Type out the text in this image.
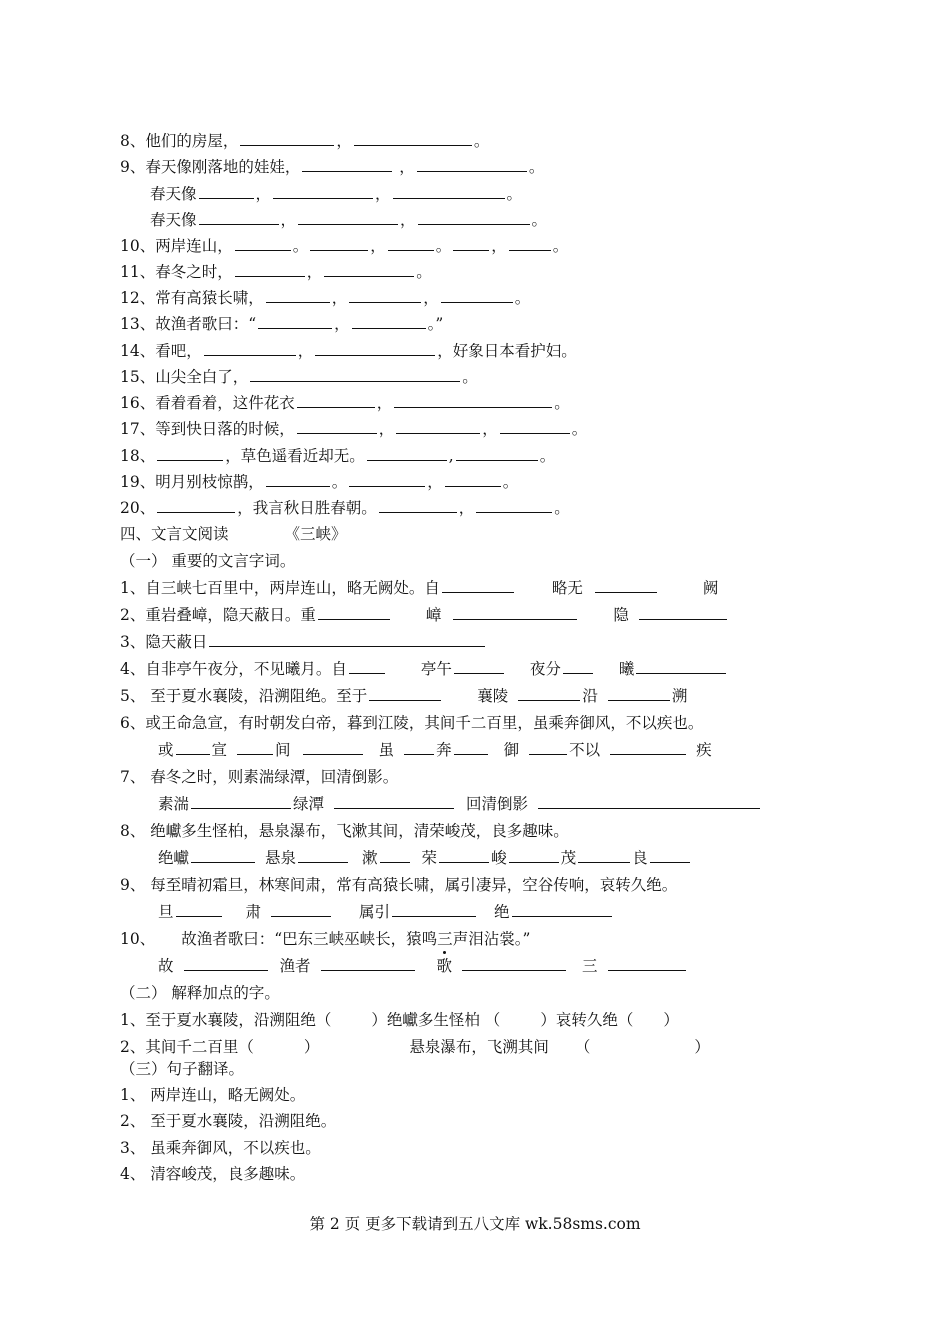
8、他们的房屋，	，	。
9、春天像刚落地的娃娃，	，	。
春天像	，	，	。
春天像	，	，	。
10、两岸连山，	。	，	。	，	。
11、春冬之时，	，	。
12、常有高猿长啸，	，	，	。
13、故渔者歌曰：“	，	。”
14、看吧，	，	，好象日本看护妇。
15、山尖全白了，	。
16、看着看着，这件花衣	，	。
17、等到快日落的时候，	，	，	。
18、	，草色遥看近却无。	,	。
19、明月别枝惊鹊，	。	，	。
20、	，我言秋日胜春朝。	，	。
四、文言文阅读	《三峡》
（一） 重要的文言字词。
1、自三峡七百里中，两岸连山，略无阙处。自	略无	阙
2、重岩叠嶂，隐天蔽日。重	嶂	隐
3、隐天蔽日
4、自非亭午夜分，不见曦月。自	亭午	夜分	曦
5、 至于夏水襄陵，沿溯阻绝。至于	襄陵	沿	溯
6、或王命急宣，有时朝发白帝，暮到江陵，其间千二百里，虽乘奔御风，不以疾也。
或 宣	间	虽	奔	御	不以	疾
7、 春冬之时，则素湍绿潭，回清倒影。
素湍	绿潭	回清倒影
8、 绝巘多生怪柏，悬泉瀑布，飞漱其间，清荣峻茂，良多趣味。
绝巘	悬泉	漱	荣	峻	茂	良
9、 每至晴初霜旦，林寒间肃，常有高猿长啸，属引凄异，空谷传响，哀转久绝。
旦	肃	属引	绝
10、 故渔者歌曰：“巴东三峡巫峡长，猿鸣三声泪沾裳。”
故	渔者	歌	三
（二） 解释加点的字。
1、至于夏水襄陵，沿溯阻绝（	）绝巘多生怪柏 （	）哀转久绝（ ）
2、其间千二百里（	）	悬泉瀑布，飞溯其间 （	）
（三）句子翻译。
1、 两岸连山，略无阙处。
2、 至于夏水襄陵，沿溯阻绝。
3、 虽乘奔御风，不以疾也。
4、 清容峻茂，良多趣味。
第 2 页 更多下载请到五八文库 wk.58sms.com
